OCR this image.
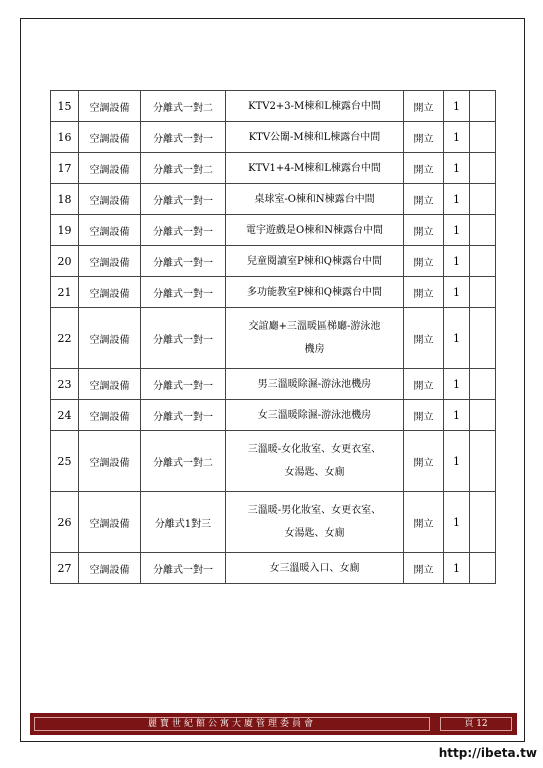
15	空調設備	分離式一對二	KTV2+3-M棟和L棟露台中間	開立	1	
16	空調設備	分離式一對一	KTV公闈-M棟和L棟露台中間	開立	1	
17	空調設備	分離式一對二	KTV1+4-M棟和L棟露台中間	開立	1	
18	空調設備	分離式一對一	桌球室-O棟和N棟露台中間	開立	1	
19	空調設備	分離式一對一	電宇遊戲是O棟和N棟露台中間	開立	1	
20	空調設備	分離式一對一	兒童閱讀室P棟和Q棟露台中間	開立	1	
21	空調設備	分離式一對一	多功能教室P棟和Q棟露台中間	開立	1	
22	空調設備	分離式一對一	交誼廳+三溫暖區梯廳-游泳池
機房	開立	1	
23	空調設備	分離式一對一	男三溫暖除濕-游泳池機房	開立	1	
24	空調設備	分離式一對一	女三溫暖除濕-游泳池機房	開立	1	
25	空調設備	分離式一對二	三溫暖-女化妝室、女更衣室、
女湯匙、女廁	開立	1	
26	空調設備	分離式1對三	三溫暖-男化妝室、女更衣室、
女湯匙、女廁	開立	1	
27	空調設備	分離式一對一	女三溫暖入口、女廁	開立	1	
麗寶世紀館公寓大廈管理委員會	頁 12
http://ibeta.tw
